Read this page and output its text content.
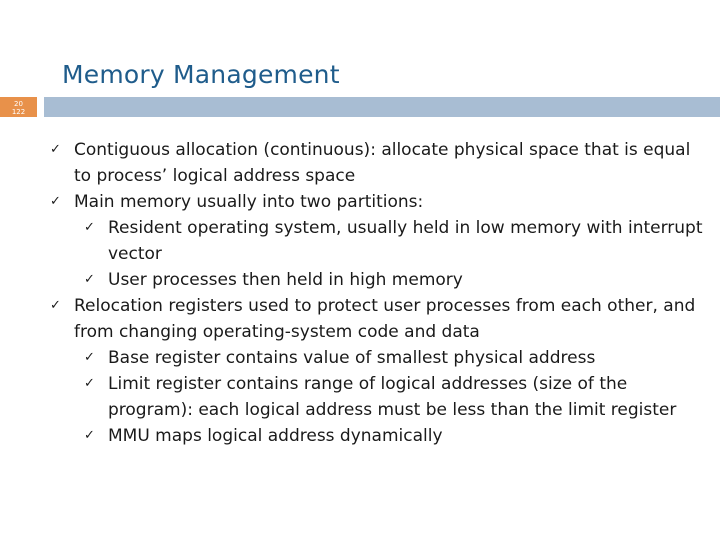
Memory Management
20
122
✓ Contiguous allocation (continuous): allocate physical space that is equal to process’ logical address space
✓ Main memory usually into two partitions:
✓ Resident operating system, usually held in low memory with interrupt vector
✓ User processes then held in high memory
✓ Relocation registers used to protect user processes from each other, and from changing operating-system code and data
✓ Base register contains value of smallest physical address
✓ Limit register contains range of logical addresses (size of the program): each logical address must be less than the limit register
✓ MMU maps logical address dynamically
